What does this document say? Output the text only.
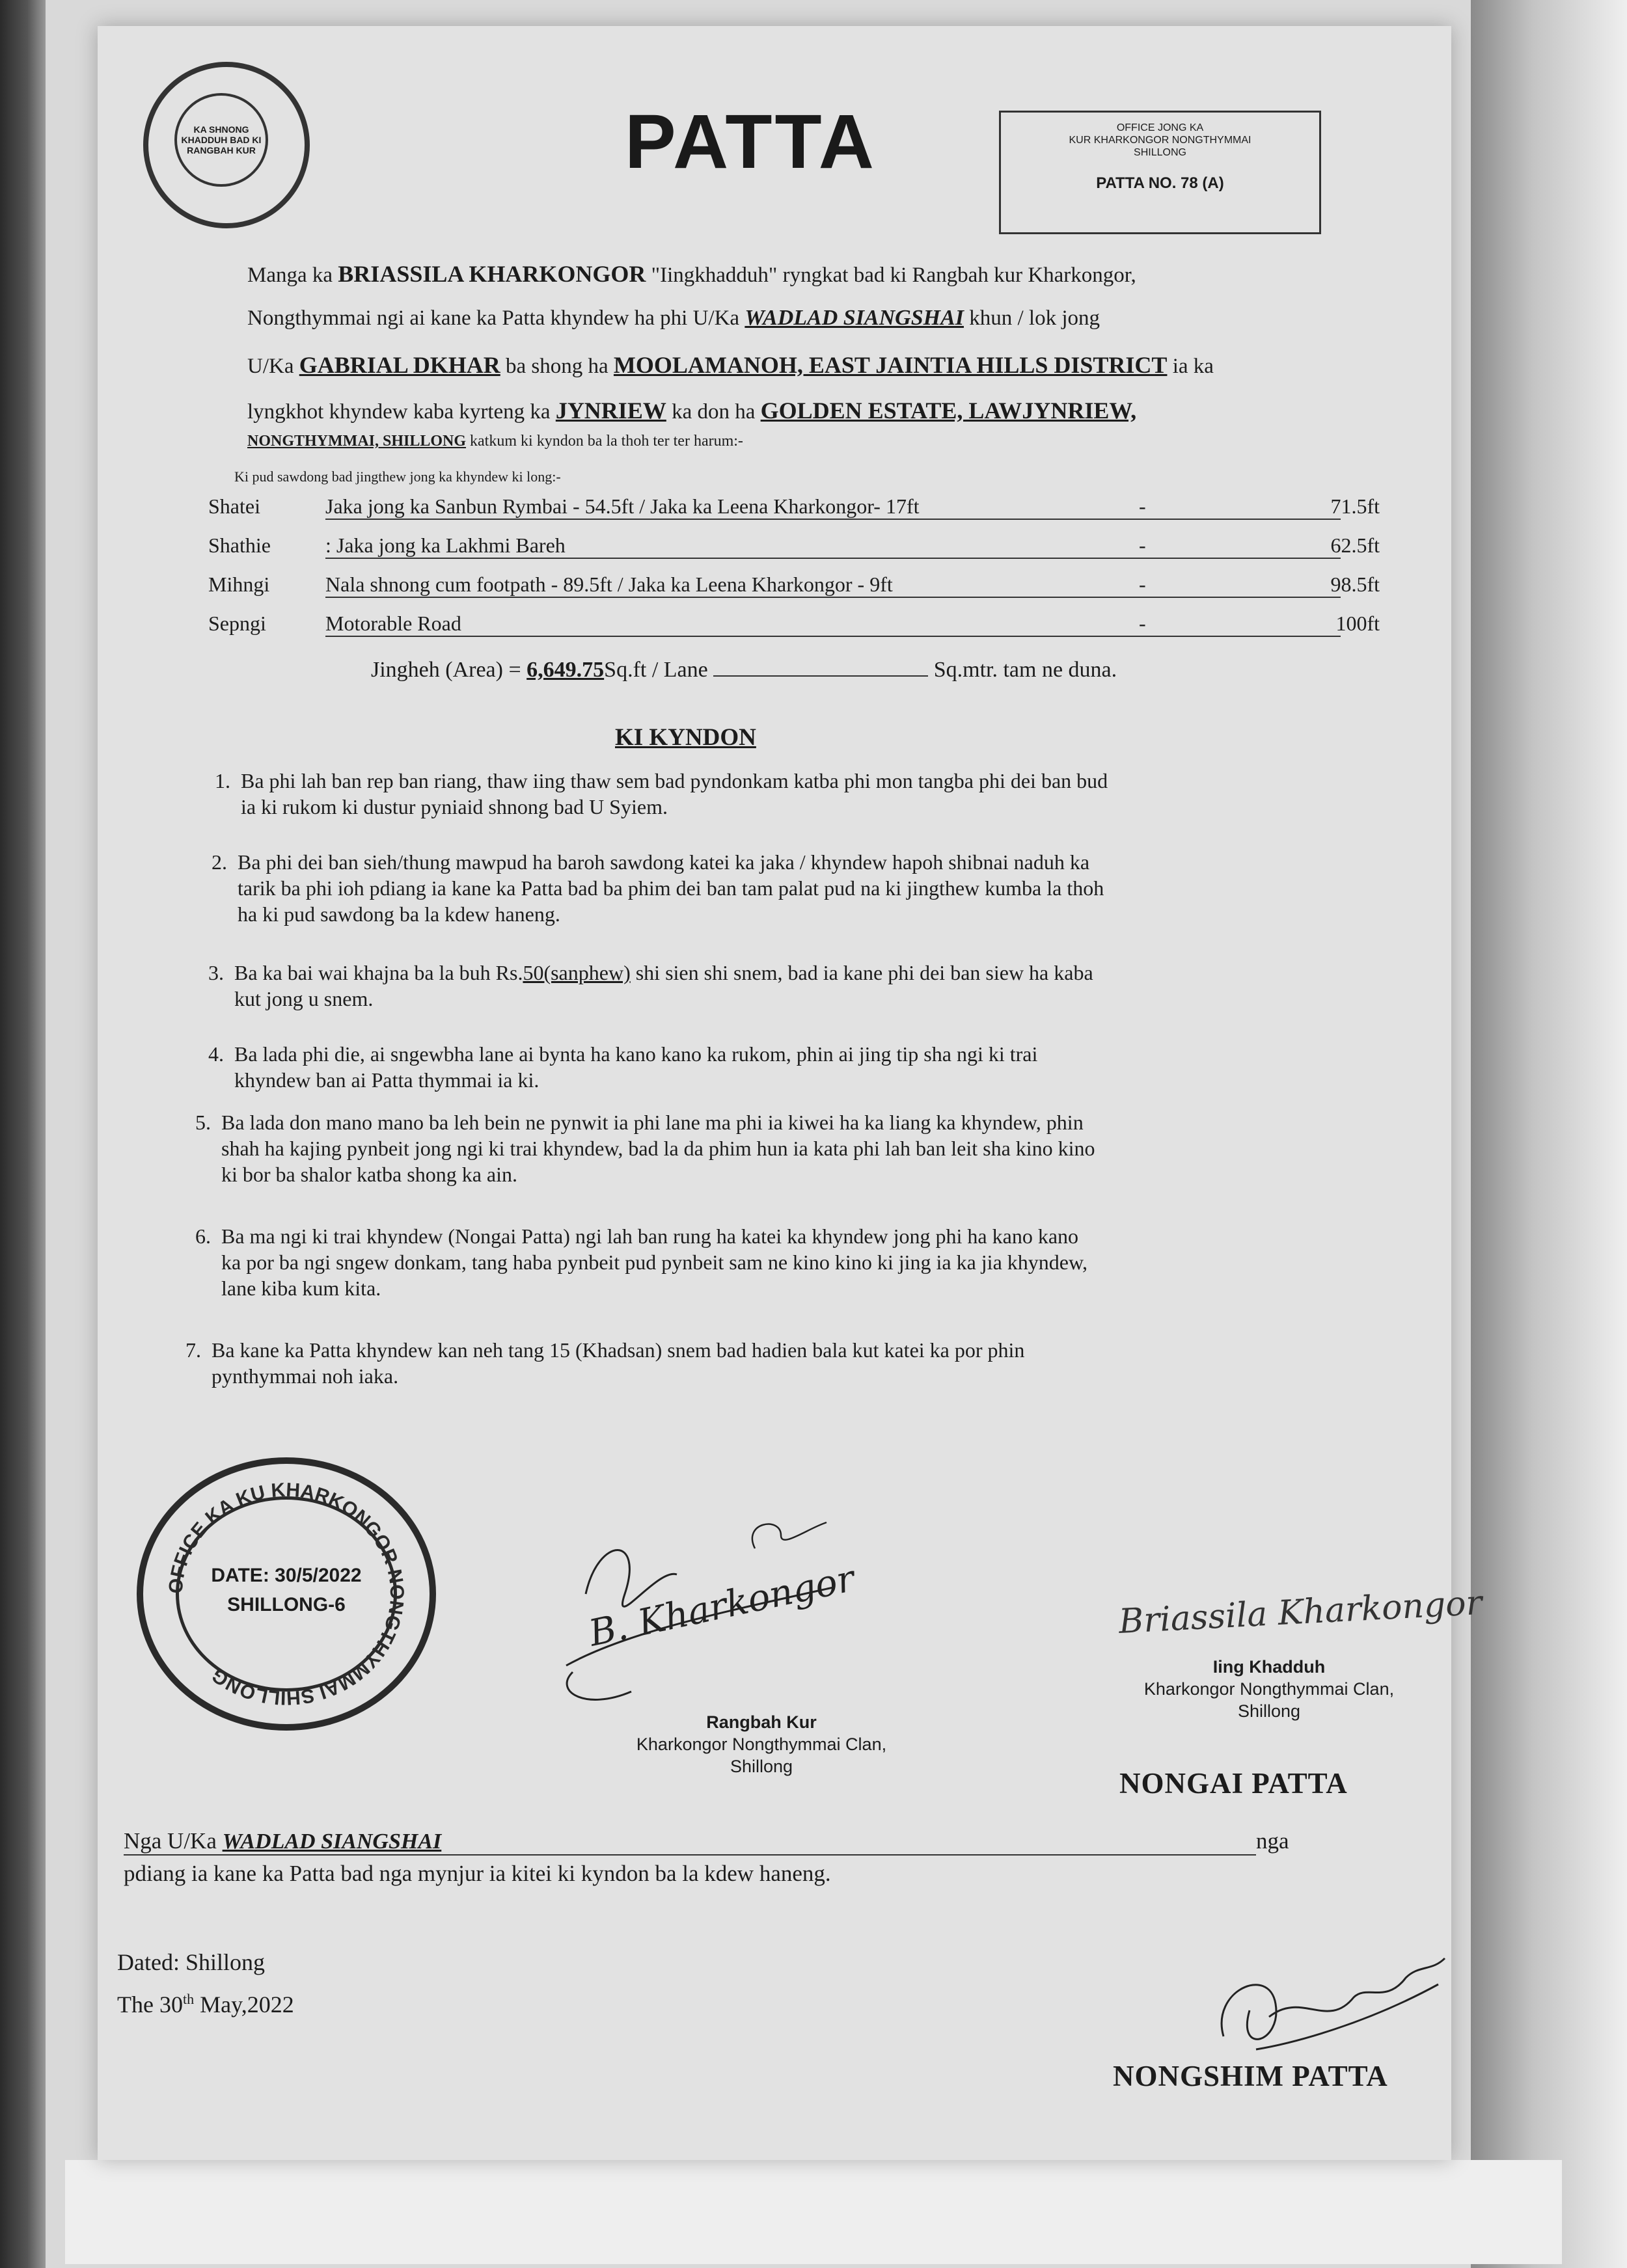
KA SHNONG KHADDUH BAD KI RANGBAH KUR	PATTA	OFFICE JONG KA
KUR KHARKONGOR NONGTHYMMAI
SHILLONG
PATTA NO. 78 (A)
Manga ka BRIASSILA KHARKONGOR "Iingkhadduh" ryngkat bad ki Rangbah kur Kharkongor,
Nongthymmai ngi ai kane ka Patta khyndew ha phi U/Ka WADLAD SIANGSHAI khun / lok jong
U/Ka GABRIAL DKHAR ba shong ha MOOLAMANOH, EAST JAINTIA HILLS DISTRICT ia ka
lyngkhot khyndew kaba kyrteng ka JYNRIEW ka don ha GOLDEN ESTATE, LAWJYNRIEW,
NONGTHYMMAI, SHILLONG katkum ki kyndon ba la thoh ter ter harum:-
Ki pud sawdong bad jingthew jong ka khyndew ki long:-
Shatei	Jaka jong ka Sanbun Rymbai - 54.5ft / Jaka ka Leena Kharkongor- 17ft	-	71.5ft
Shathie	: Jaka jong ka Lakhmi Bareh	-	62.5ft
Mihngi	Nala shnong cum footpath - 89.5ft / Jaka ka Leena Kharkongor - 9ft	-	98.5ft
Sepngi	Motorable Road	-	100ft
Jingheh (Area) = 6,649.75Sq.ft / Lane	Sq.mtr. tam ne duna.
KI KYNDON
1. Ba phi lah ban rep ban riang, thaw iing thaw sem bad pyndonkam katba phi mon tangba phi dei ban bud
ia ki rukom ki dustur pyniaid shnong bad U Syiem.
2. Ba phi dei ban sieh/thung mawpud ha baroh sawdong katei ka jaka / khyndew hapoh shibnai naduh ka
tarik ba phi ioh pdiang ia kane ka Patta bad ba phim dei ban tam palat pud na ki jingthew kumba la thoh
ha ki pud sawdong ba la kdew haneng.
3. Ba ka bai wai khajna ba la buh Rs.50(sanphew) shi sien shi snem, bad ia kane phi dei ban siew ha kaba
kut jong u snem.
4. Ba lada phi die, ai sngewbha lane ai bynta ha kano kano ka rukom, phin ai jing tip sha ngi ki trai
khyndew ban ai Patta thymmai ia ki.
5. Ba lada don mano mano ba leh bein ne pynwit ia phi lane ma phi ia kiwei ha ka liang ka khyndew, phin
shah ha kajing pynbeit jong ngi ki trai khyndew, bad la da phim hun ia kata phi lah ban leit sha kino kino
ki bor ba shalor katba shong ka ain.
6. Ba ma ngi ki trai khyndew (Nongai Patta) ngi lah ban rung ha katei ka khyndew jong phi ha kano kano
ka por ba ngi sngew donkam, tang haba pynbeit pud pynbeit sam ne kino kino ki jing ia ka jia khyndew,
lane kiba kum kita.
7. Ba kane ka Patta khyndew kan neh tang 15 (Khadsan) snem bad hadien bala kut katei ka por phin
pynthymmai noh iaka.
OFFICE KA KU KHARKONGOR NONGTHYMMAI SHILLONG
DATE: 30/5/2022
SHILLONG-6	B. Kharkongor
Rangbah Kur
Kharkongor Nongthymmai Clan,
Shillong
Briassila Kharkongor
Iing Khadduh
Kharkongor Nongthymmai Clan,
Shillong
NONGAI PATTA
Nga U/Ka WADLAD SIANGSHAI	nga
pdiang ia kane ka Patta bad nga mynjur ia kitei ki kyndon ba la kdew haneng.
Dated: Shillong
The 30th May,2022
NONGSHIM PATTA
